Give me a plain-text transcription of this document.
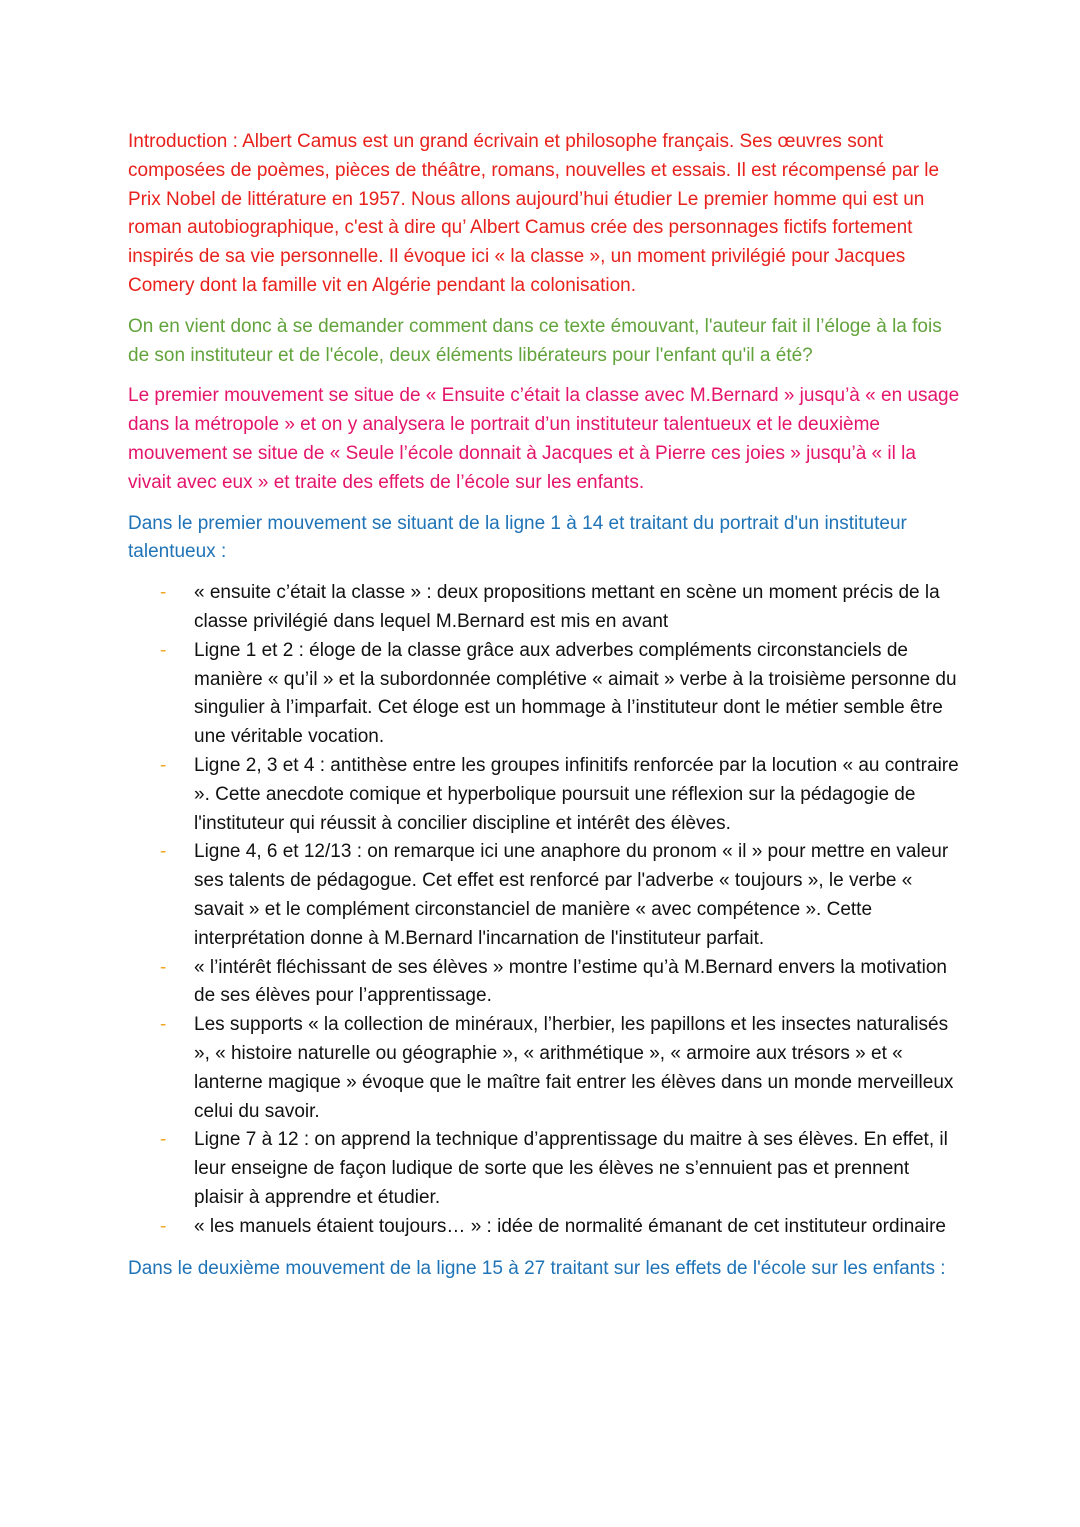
Introduction : Albert Camus est un grand écrivain et philosophe français. Ses œuvres sont composées de poèmes, pièces de théâtre, romans, nouvelles et essais. Il est récompensé par le Prix Nobel de littérature en 1957. Nous allons aujourd’hui étudier Le premier homme qui est un roman autobiographique, c'est à dire qu’ Albert Camus crée des personnages fictifs fortement inspirés de sa vie personnelle. Il évoque ici « la classe », un moment privilégié pour Jacques Comery dont la famille vit en Algérie pendant la colonisation.

On en vient donc à se demander comment dans ce texte émouvant, l'auteur fait il l’éloge à la fois de son instituteur et de l'école, deux éléments libérateurs pour l'enfant qu'il a été?

Le premier mouvement se situe de « Ensuite c’était la classe avec M.Bernard » jusqu’à « en usage dans la métropole » et on y analysera le portrait d’un instituteur talentueux et le deuxième mouvement se situe de « Seule l’école donnait à Jacques et à Pierre ces joies » jusqu’à « il la vivait avec eux » et traite des effets de l’école sur les enfants.

Dans le premier mouvement se situant de la ligne 1 à 14 et traitant du portrait d'un instituteur talentueux :

- « ensuite c’était la classe » : deux propositions mettant en scène un moment précis de la classe privilégié dans lequel M.Bernard est mis en avant
- Ligne 1 et 2 : éloge de la classe grâce aux adverbes compléments circonstanciels de manière « qu’il » et la subordonnée complétive « aimait » verbe à la troisième personne du singulier à l’imparfait. Cet éloge est un hommage à l’instituteur dont le métier semble être une véritable vocation.
- Ligne 2, 3 et 4 : antithèse entre les groupes infinitifs renforcée par la locution « au contraire ». Cette anecdote comique et hyperbolique poursuit une réflexion sur la pédagogie de l'instituteur qui réussit à concilier discipline et intérêt des élèves.
- Ligne 4, 6 et 12/13 : on remarque ici une anaphore du pronom « il » pour mettre en valeur ses talents de pédagogue. Cet effet est renforcé par l'adverbe « toujours », le verbe « savait » et le complément circonstanciel de manière « avec compétence ». Cette interprétation donne à M.Bernard l'incarnation de l'instituteur parfait.
- « l’intérêt fléchissant de ses élèves » montre l’estime qu’à M.Bernard envers la motivation de ses élèves pour l’apprentissage.
- Les supports « la collection de minéraux, l’herbier, les papillons et les insectes naturalisés », « histoire naturelle ou géographie », « arithmétique », « armoire aux trésors » et « lanterne magique » évoque que le maître fait entrer les élèves dans un monde merveilleux celui du savoir.
- Ligne 7 à 12 : on apprend la technique d’apprentissage du maitre à ses élèves. En effet, il leur enseigne de façon ludique de sorte que les élèves ne s’ennuient pas et prennent plaisir à apprendre et étudier.
- « les manuels étaient toujours… » : idée de normalité émanant de cet instituteur ordinaire

Dans le deuxième mouvement de la ligne 15 à 27 traitant sur les effets de l'école sur les enfants :
